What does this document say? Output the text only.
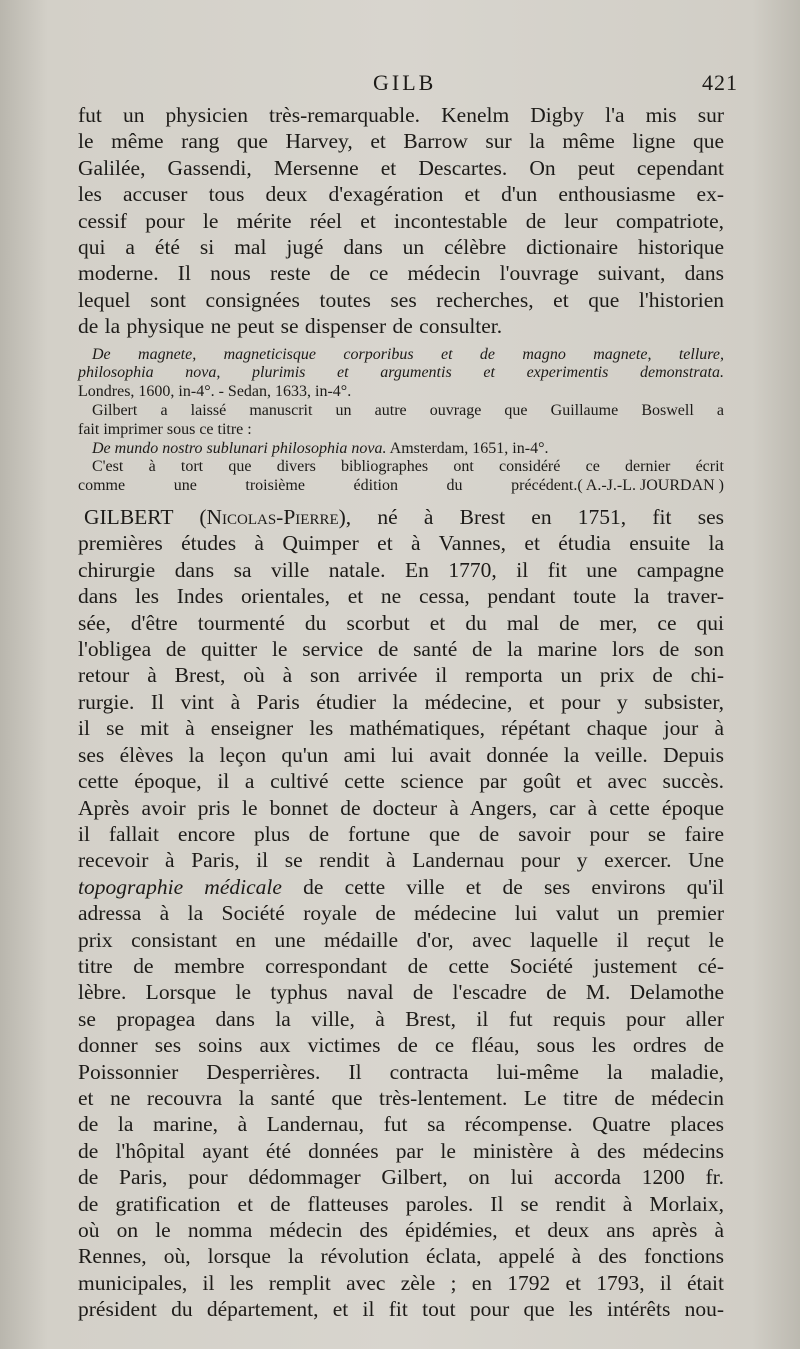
GILB	421

fut un physicien très-remarquable. Kenelm Digby l'a mis sur

le même rang que Harvey, et Barrow sur la même ligne que

Galilée, Gassendi, Mersenne et Descartes. On peut cependant

les accuser tous deux d'exagération et d'un enthousiasme ex-

cessif pour le mérite réel et incontestable de leur compatriote,

qui a été si mal jugé dans un célèbre dictionaire historique

moderne. Il nous reste de ce médecin l'ouvrage suivant, dans

lequel sont consignées toutes ses recherches, et que l'historien

de la physique ne peut se dispenser de consulter.

De magnete, magneticisque corporibus et de magno magnete, tellure,

philosophia nova, plurimis et argumentis et experimentis demonstrata.

Londres, 1600, in-4°. - Sedan, 1633, in-4°.

Gilbert a laissé manuscrit un autre ouvrage que Guillaume Boswell a

fait imprimer sous ce titre :

De mundo nostro sublunari philosophia nova. Amsterdam, 1651, in-4°.

C'est à tort que divers bibliographes ont considéré ce dernier écrit

comme une troisième édition du précédent. ( A.-J.-L. JOURDAN )

GILBERT (Nicolas-Pierre), né à Brest en 1751, fit ses

premières études à Quimper et à Vannes, et étudia ensuite la

chirurgie dans sa ville natale. En 1770, il fit une campagne

dans les Indes orientales, et ne cessa, pendant toute la traver-

sée, d'être tourmenté du scorbut et du mal de mer, ce qui

l'obligea de quitter le service de santé de la marine lors de son

retour à Brest, où à son arrivée il remporta un prix de chi-

rurgie. Il vint à Paris étudier la médecine, et pour y subsister,

il se mit à enseigner les mathématiques, répétant chaque jour à

ses élèves la leçon qu'un ami lui avait donnée la veille. Depuis

cette époque, il a cultivé cette science par goût et avec succès.

Après avoir pris le bonnet de docteur à Angers, car à cette époque

il fallait encore plus de fortune que de savoir pour se faire

recevoir à Paris, il se rendit à Landernau pour y exercer. Une

topographie médicale de cette ville et de ses environs qu'il

adressa à la Société royale de médecine lui valut un premier

prix consistant en une médaille d'or, avec laquelle il reçut le

titre de membre correspondant de cette Société justement cé-

lèbre. Lorsque le typhus naval de l'escadre de M. Delamothe

se propagea dans la ville, à Brest, il fut requis pour aller

donner ses soins aux victimes de ce fléau, sous les ordres de

Poissonnier Desperrières. Il contracta lui-même la maladie,

et ne recouvra la santé que très-lentement. Le titre de médecin

de la marine, à Landernau, fut sa récompense. Quatre places

de l'hôpital ayant été données par le ministère à des médecins

de Paris, pour dédommager Gilbert, on lui accorda 1200 fr.

de gratification et de flatteuses paroles. Il se rendit à Morlaix,

où on le nomma médecin des épidémies, et deux ans après à

Rennes, où, lorsque la révolution éclata, appelé à des fonctions

municipales, il les remplit avec zèle ; en 1792 et 1793, il était

président du département, et il fit tout pour que les intérêts nou-
